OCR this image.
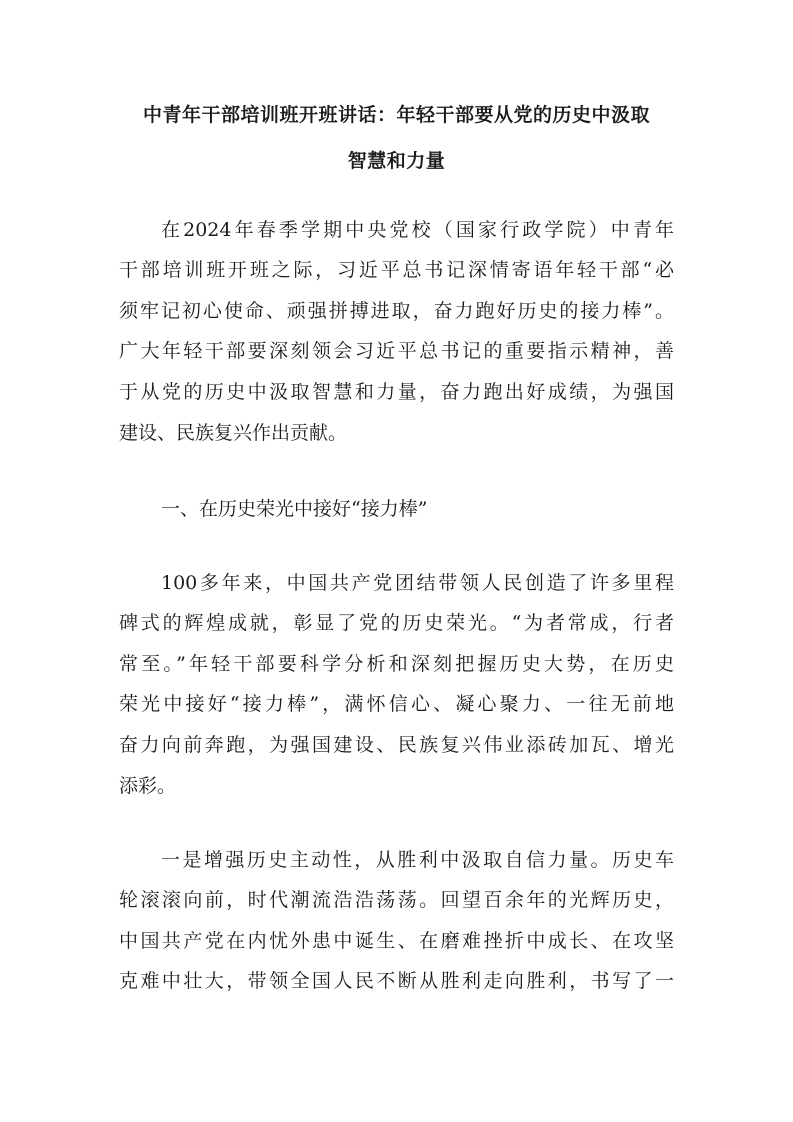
中青年干部培训班开班讲话：年轻干部要从党的历史中汲取
智慧和力量
在2024年春季学期中央党校（国家行政学院）中青年
干部培训班开班之际，习近平总书记深情寄语年轻干部“必
须牢记初心使命、顽强拼搏进取，奋力跑好历史的接力棒”。
广大年轻干部要深刻领会习近平总书记的重要指示精神，善
于从党的历史中汲取智慧和力量，奋力跑出好成绩，为强国
建设、民族复兴作出贡献。
一、在历史荣光中接好“接力棒”
100多年来，中国共产党团结带领人民创造了许多里程
碑式的辉煌成就，彰显了党的历史荣光。“为者常成，行者
常至。”年轻干部要科学分析和深刻把握历史大势，在历史
荣光中接好“接力棒”，满怀信心、凝心聚力、一往无前地
奋力向前奔跑，为强国建设、民族复兴伟业添砖加瓦、增光
添彩。
一是增强历史主动性，从胜利中汲取自信力量。历史车
轮滚滚向前，时代潮流浩浩荡荡。回望百余年的光辉历史，
中国共产党在内忧外患中诞生、在磨难挫折中成长、在攻坚
克难中壮大，带领全国人民不断从胜利走向胜利，书写了一
